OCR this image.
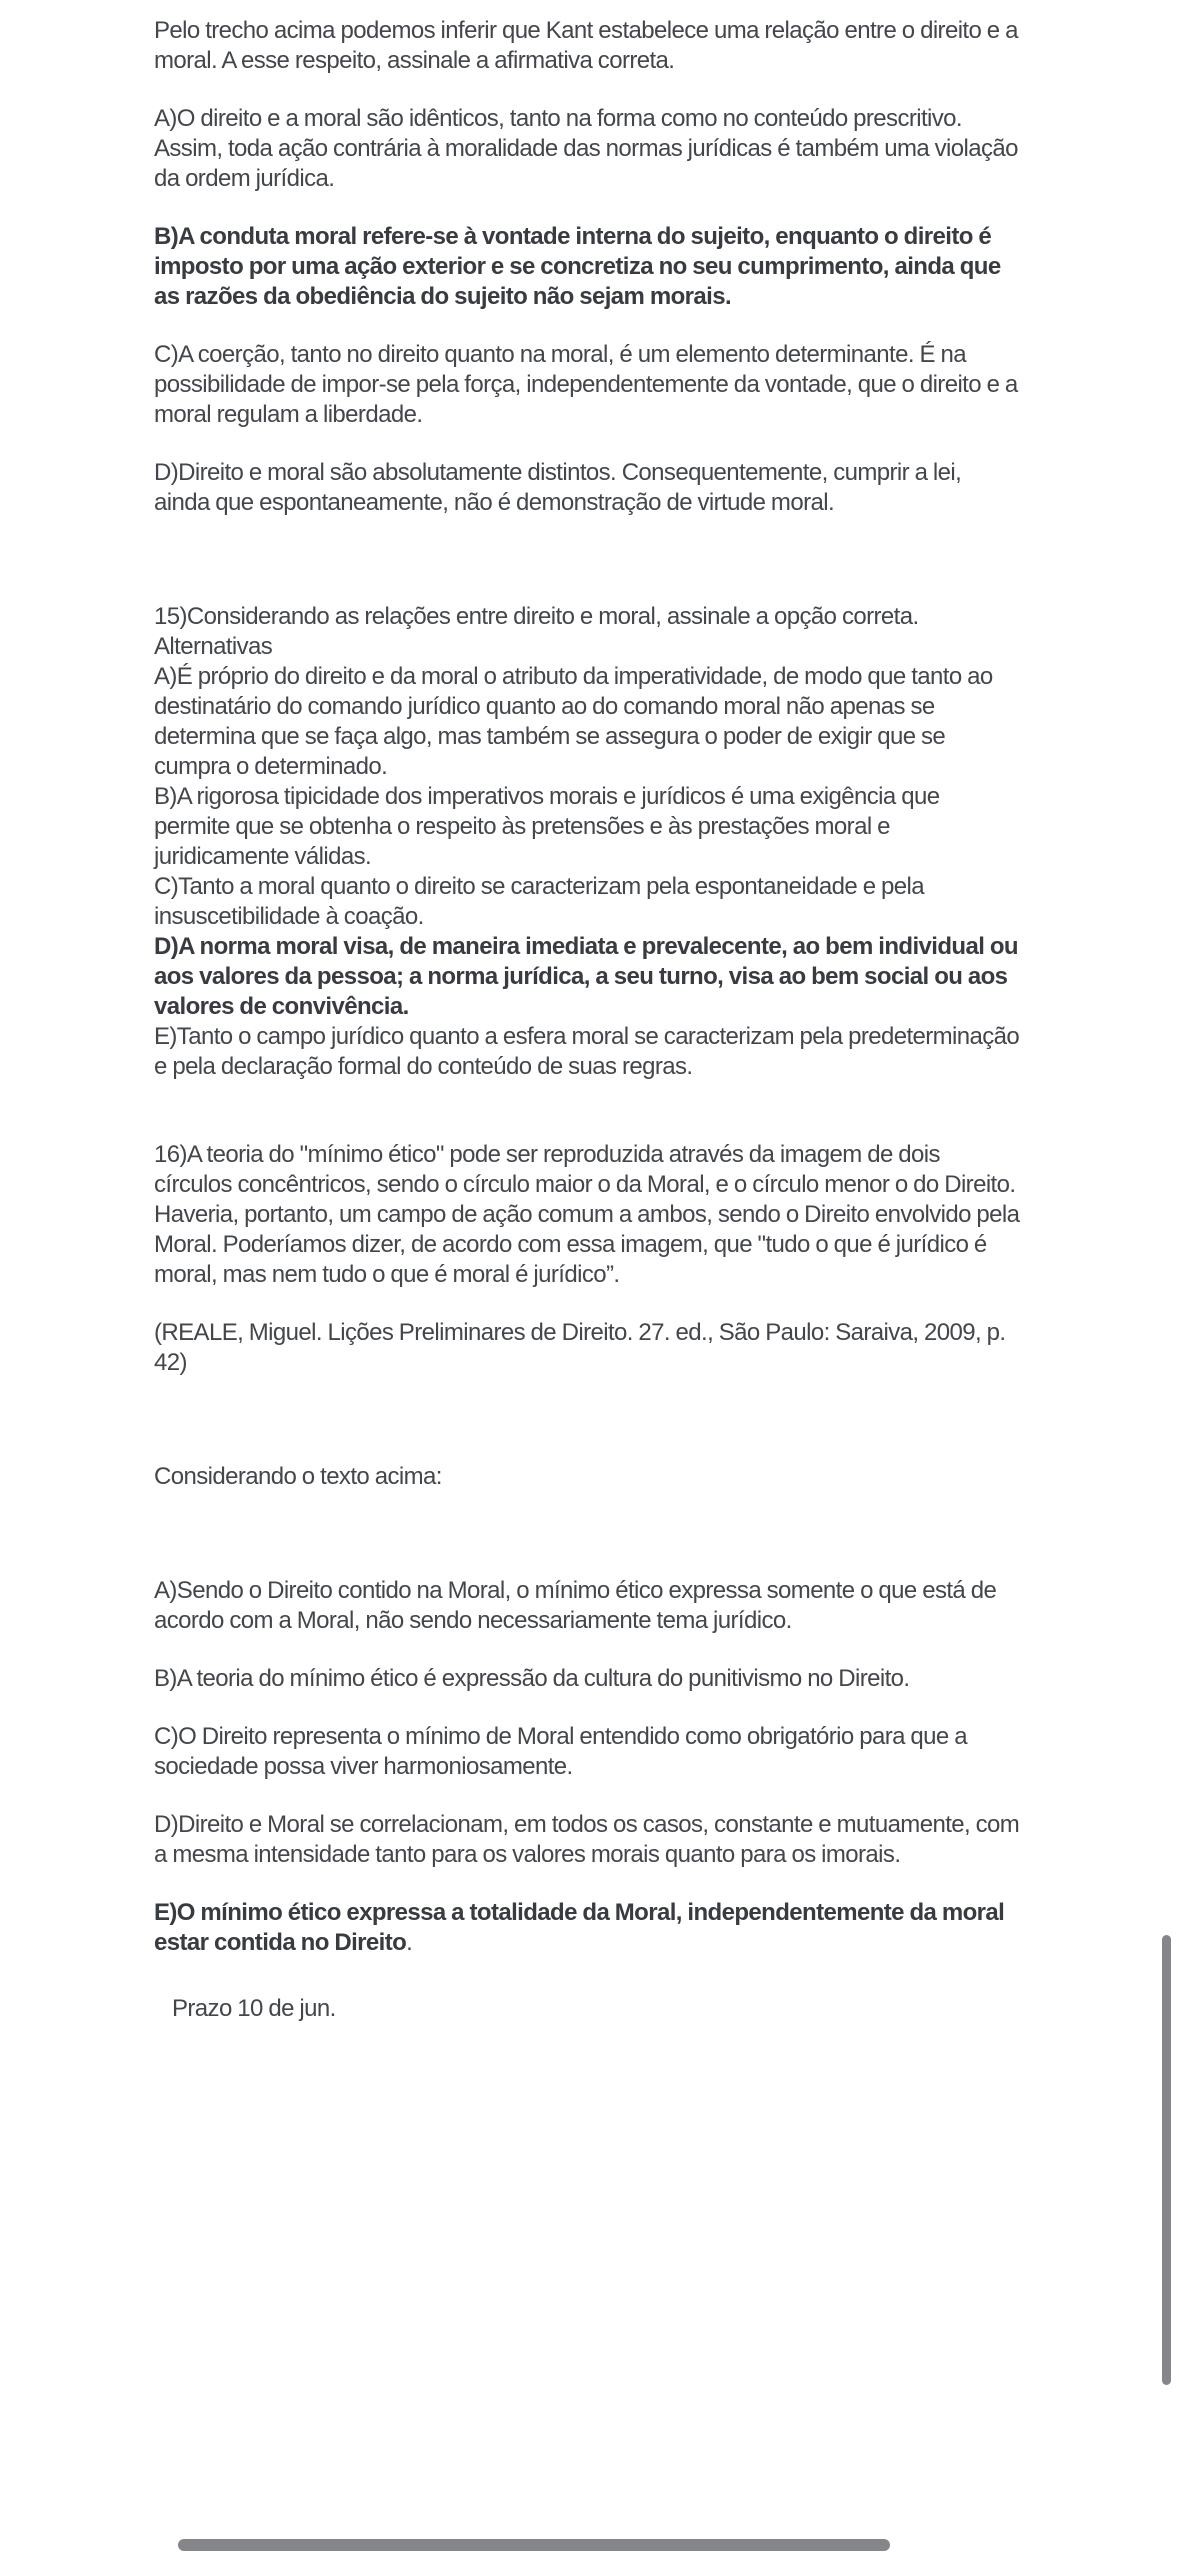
Pelo trecho acima podemos inferir que Kant estabelece uma relação entre o direito e a moral. A esse respeito, assinale a afirmativa correta.

A)O direito e a moral são idênticos, tanto na forma como no conteúdo prescritivo. Assim, toda ação contrária à moralidade das normas jurídicas é também uma violação da ordem jurídica.

B)A conduta moral refere-se à vontade interna do sujeito, enquanto o direito é imposto por uma ação exterior e se concretiza no seu cumprimento, ainda que as razões da obediência do sujeito não sejam morais.

C)A coerção, tanto no direito quanto na moral, é um elemento determinante. É na possibilidade de impor-se pela força, independentemente da vontade, que o direito e a moral regulam a liberdade.

D)Direito e moral são absolutamente distintos. Consequentemente, cumprir a lei, ainda que espontaneamente, não é demonstração de virtude moral.

15)Considerando as relações entre direito e moral, assinale a opção correta.

Alternativas

A)É próprio do direito e da moral o atributo da imperatividade, de modo que tanto ao destinatário do comando jurídico quanto ao do comando moral não apenas se determina que se faça algo, mas também se assegura o poder de exigir que se cumpra o determinado.

B)A rigorosa tipicidade dos imperativos morais e jurídicos é uma exigência que permite que se obtenha o respeito às pretensões e às prestações moral e juridicamente válidas.

C)Tanto a moral quanto o direito se caracterizam pela espontaneidade e pela insuscetibilidade à coação.

D)A norma moral visa, de maneira imediata e prevalecente, ao bem individual ou aos valores da pessoa; a norma jurídica, a seu turno, visa ao bem social ou aos valores de convivência.

E)Tanto o campo jurídico quanto a esfera moral se caracterizam pela predeterminação e pela declaração formal do conteúdo de suas regras.

16)A teoria do "mínimo ético" pode ser reproduzida através da imagem de dois círculos concêntricos, sendo o círculo maior o da Moral, e o círculo menor o do Direito. Haveria, portanto, um campo de ação comum a ambos, sendo o Direito envolvido pela Moral. Poderíamos dizer, de acordo com essa imagem, que "tudo o que é jurídico é moral, mas nem tudo o que é moral é jurídico”.

(REALE, Miguel. Lições Preliminares de Direito. 27. ed., São Paulo: Saraiva, 2009, p. 42)

Considerando o texto acima:

A)Sendo o Direito contido na Moral, o mínimo ético expressa somente o que está de acordo com a Moral, não sendo necessariamente tema jurídico.

B)A teoria do mínimo ético é expressão da cultura do punitivismo no Direito.

C)O Direito representa o mínimo de Moral entendido como obrigatório para que a sociedade possa viver harmoniosamente.

D)Direito e Moral se correlacionam, em todos os casos, constante e mutuamente, com a mesma intensidade tanto para os valores morais quanto para os imorais.

E)O mínimo ético expressa a totalidade da Moral, independentemente da moral estar contida no Direito.

Prazo 10 de jun.
